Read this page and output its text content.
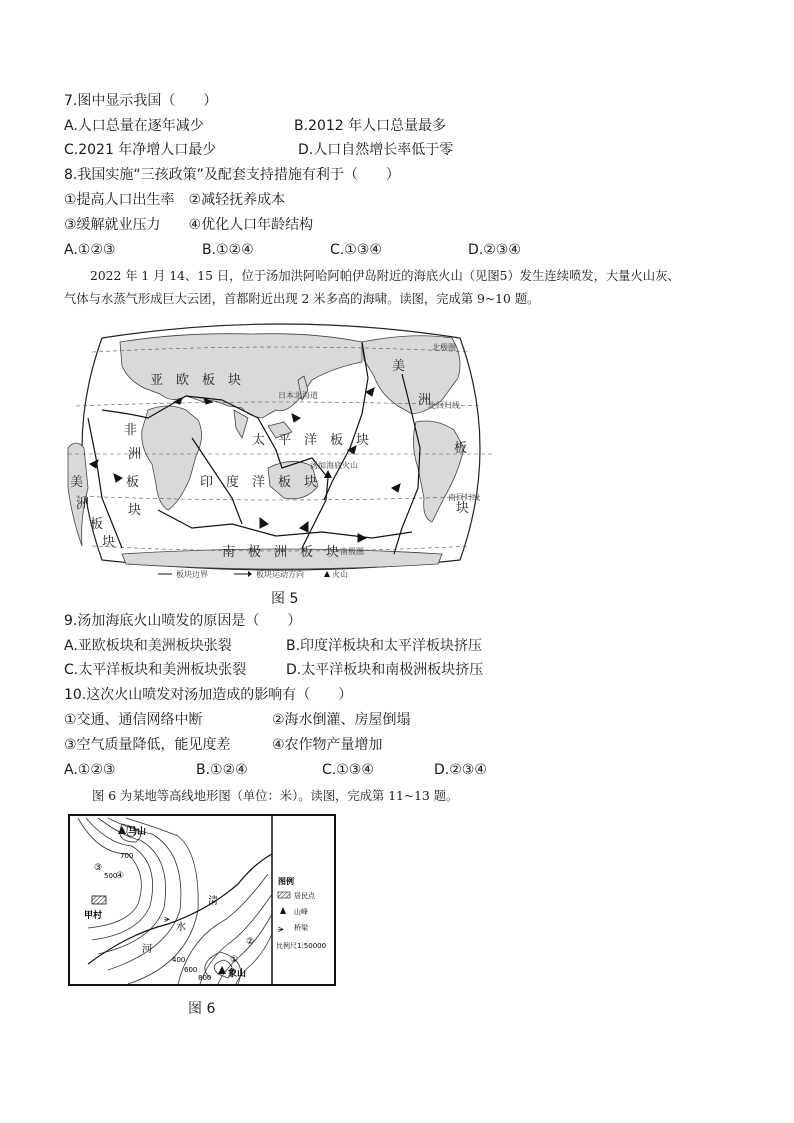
7.图中显示我国（　　）
A.人口总量在逐年减少	B.2012 年人口总量最多
C.2021 年净增人口最少	D.人口自然增长率低于零
8.我国实施“三孩政策”及配套支持措施有利于（　　）
①提高人口出生率　②减轻抚养成本
③缓解就业压力　　④优化人口年龄结构
A.①②③	B.①②④	C.①③④	D.②③④
2022 年 1 月 14、15 日，位于汤加洪阿哈阿帕伊岛附近的海底火山（见图5）发生连续喷发，大量火山灰、
气体与水蒸气形成巨大云团，首都附近出现 2 米多高的海啸。读图，完成第 9~10 题。
亚　欧　板　块
非
洲
板
块
太　平　洋　板　块
印　度　洋　板　块
美
洲
板
块
南　极　洲　板　块
美
洲
板
块
日本北海道
汤加海底火山
北回归线
南回归线
南极圈
北极圈
板块边界	板块运动方向	火山
图 5
9.汤加海底火山喷发的原因是（　　）
A.亚欧板块和美洲板块张裂	B.印度洋板块和太平洋板块挤压
C.太平洋板块和美洲板块张裂	D.太平洋板块和南极洲板块挤压
10.这次火山喷发对汤加造成的影响有（　　）
①交通、通信网络中断	②海水倒灌、房屋倒塌
③空气质量降低，能见度差	④农作物产量增加
A.①②③	B.①②④	C.①③④	D.②③④
图 6 为某地等高线地形图（单位：米）。读图，完成第 11~13 题。
⪫
马山
象山
甲村
清
水
河
700
500
400
600
800
③
④
①
②
图例
居民点
山峰
⪫ 桥梁
比例尺1:50000
图 6
